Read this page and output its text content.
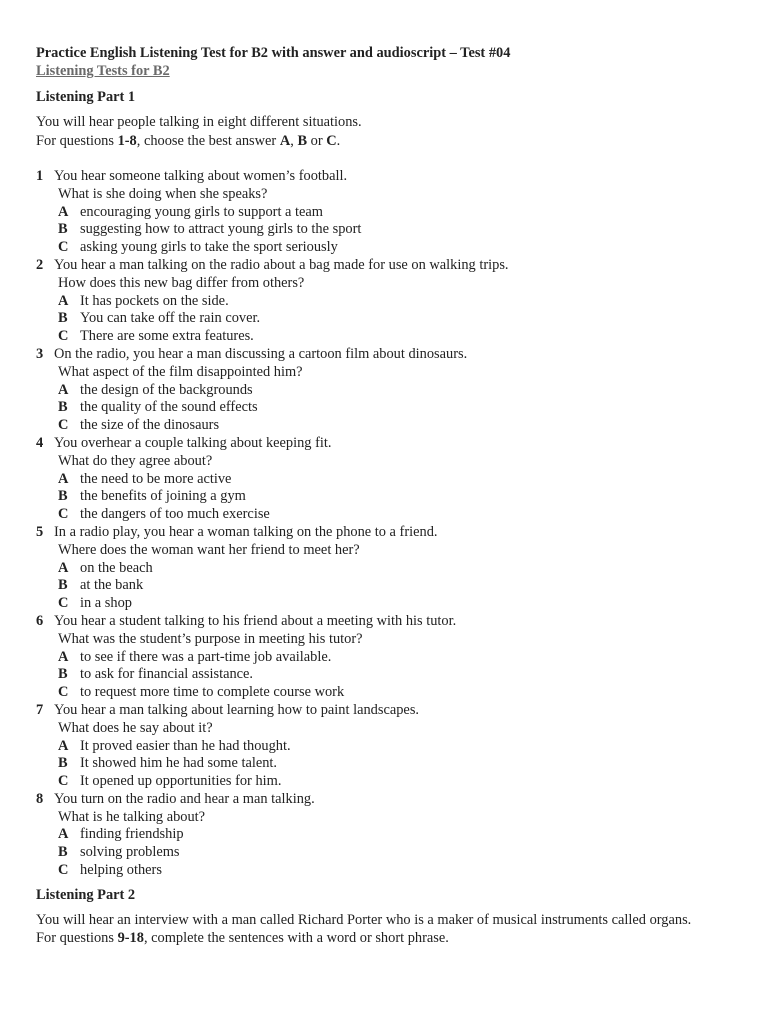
Practice English Listening Test for B2 with answer and audioscript – Test #04

Listening Tests for B2

Listening Part 1

You will hear people talking in eight different situations.

For questions 1-8, choose the best answer A, B or C.

1 You hear someone talking about women’s football.
What is she doing when she speaks?
A encouraging young girls to support a team
B suggesting how to attract young girls to the sport
C asking young girls to take the sport seriously
2 You hear a man talking on the radio about a bag made for use on walking trips.
How does this new bag differ from others?
A It has pockets on the side.
B You can take off the rain cover.
C There are some extra features.
3 On the radio, you hear a man discussing a cartoon film about dinosaurs.
What aspect of the film disappointed him?
A the design of the backgrounds
B the quality of the sound effects
C the size of the dinosaurs
4 You overhear a couple talking about keeping fit.
What do they agree about?
A the need to be more active
B the benefits of joining a gym
C the dangers of too much exercise
5 In a radio play, you hear a woman talking on the phone to a friend.
Where does the woman want her friend to meet her?
A on the beach
B at the bank
C in a shop
6 You hear a student talking to his friend about a meeting with his tutor.
What was the student’s purpose in meeting his tutor?
A to see if there was a part-time job available.
B to ask for financial assistance.
C to request more time to complete course work
7 You hear a man talking about learning how to paint landscapes.
What does he say about it?
A It proved easier than he had thought.
B It showed him he had some talent.
C It opened up opportunities for him.
8 You turn on the radio and hear a man talking.
What is he talking about?
A finding friendship
B solving problems
C helping others

Listening Part 2

You will hear an interview with a man called Richard Porter who is a maker of musical instruments called organs.

For questions 9-18, complete the sentences with a word or short phrase.
